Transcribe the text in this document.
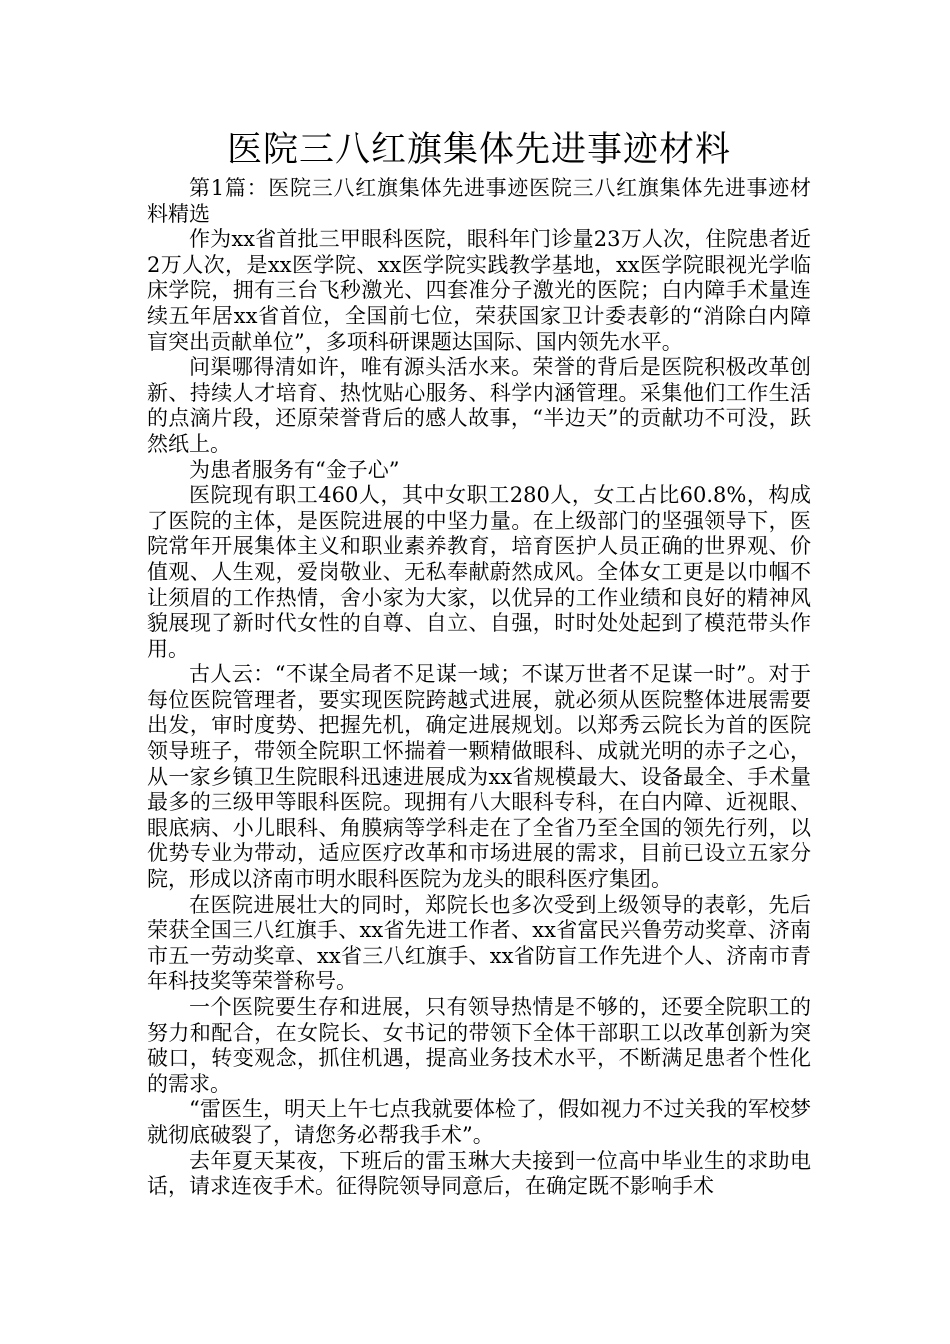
医院三八红旗集体先进事迹材料

第1篇：医院三八红旗集体先进事迹医院三八红旗集体先进事迹材料精选

作为xx省首批三甲眼科医院，眼科年门诊量23万人次，住院患者近2万人次，是xx医学院、xx医学院实践教学基地，xx医学院眼视光学临床学院，拥有三台飞秒激光、四套准分子激光的医院；白内障手术量连续五年居xx省首位，全国前七位，荣获国家卫计委表彰的“消除白内障盲突出贡献单位”，多项科研课题达国际、国内领先水平。

问渠哪得清如许，唯有源头活水来。荣誉的背后是医院积极改革创新、持续人才培育、热忱贴心服务、科学内涵管理。采集他们工作生活的点滴片段，还原荣誉背后的感人故事，“半边天”的贡献功不可没，跃然纸上。

为患者服务有“金子心”

医院现有职工460人，其中女职工280人，女工占比60.8%，构成了医院的主体，是医院进展的中坚力量。在上级部门的坚强领导下，医院常年开展集体主义和职业素养教育，培育医护人员正确的世界观、价值观、人生观，爱岗敬业、无私奉献蔚然成风。全体女工更是以巾帼不让须眉的工作热情，舍小家为大家，以优异的工作业绩和良好的精神风貌展现了新时代女性的自尊、自立、自强，时时处处起到了模范带头作用。

古人云：“不谋全局者不足谋一域；不谋万世者不足谋一时”。对于每位医院管理者，要实现医院跨越式进展，就必须从医院整体进展需要出发，审时度势、把握先机，确定进展规划。以郑秀云院长为首的医院领导班子，带领全院职工怀揣着一颗精做眼科、成就光明的赤子之心，从一家乡镇卫生院眼科迅速进展成为xx省规模最大、设备最全、手术量最多的三级甲等眼科医院。现拥有八大眼科专科，在白内障、近视眼、眼底病、小儿眼科、角膜病等学科走在了全省乃至全国的领先行列，以优势专业为带动，适应医疗改革和市场进展的需求，目前已设立五家分院，形成以济南市明水眼科医院为龙头的眼科医疗集团。

在医院进展壮大的同时，郑院长也多次受到上级领导的表彰，先后荣获全国三八红旗手、xx省先进工作者、xx省富民兴鲁劳动奖章、济南市五一劳动奖章、xx省三八红旗手、xx省防盲工作先进个人、济南市青年科技奖等荣誉称号。

一个医院要生存和进展，只有领导热情是不够的，还要全院职工的努力和配合，在女院长、女书记的带领下全体干部职工以改革创新为突破口，转变观念，抓住机遇，提高业务技术水平，不断满足患者个性化的需求。

“雷医生，明天上午七点我就要体检了，假如视力不过关我的军校梦就彻底破裂了，请您务必帮我手术”。

去年夏天某夜，下班后的雷玉琳大夫接到一位高中毕业生的求助电话，请求连夜手术。征得院领导同意后，在确定既不影响手术
